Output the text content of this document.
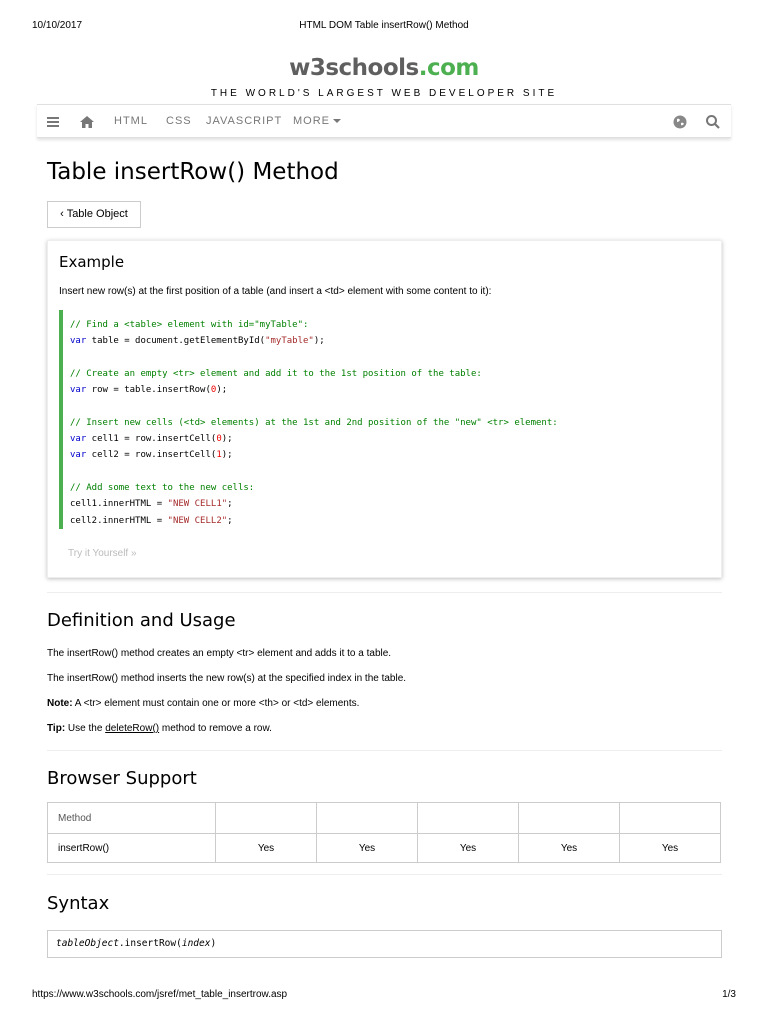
10/10/2017	HTML DOM Table insertRow() Method
w3schools.com
THE WORLD'S LARGEST WEB DEVELOPER SITE
HTML CSS JAVASCRIPT MORE
Table insertRow() Method
‹ Table Object
Example
Insert new row(s) at the first position of a table (and insert a <td> element with some content to it):
// Find a <table> element with id="myTable":
var table = document.getElementById("myTable");
// Create an empty <tr> element and add it to the 1st position of the table:
var row = table.insertRow(0);
// Insert new cells (<td> elements) at the 1st and 2nd position of the "new" <tr> element:
var cell1 = row.insertCell(0);
var cell2 = row.insertCell(1);
// Add some text to the new cells:
cell1.innerHTML = "NEW CELL1";
cell2.innerHTML = "NEW CELL2";
Try it Yourself »
Definition and Usage

The insertRow() method creates an empty <tr> element and adds it to a table.

The insertRow() method inserts the new row(s) at the specified index in the table.

Note: A <tr> element must contain one or more <th> or <td> elements.

Tip: Use the deleteRow() method to remove a row.

Browser Support
Method					
insertRow()	Yes	Yes	Yes	Yes	Yes
Syntax
tableObject.insertRow(index)
https://www.w3schools.com/jsref/met_table_insertrow.asp	1/3
